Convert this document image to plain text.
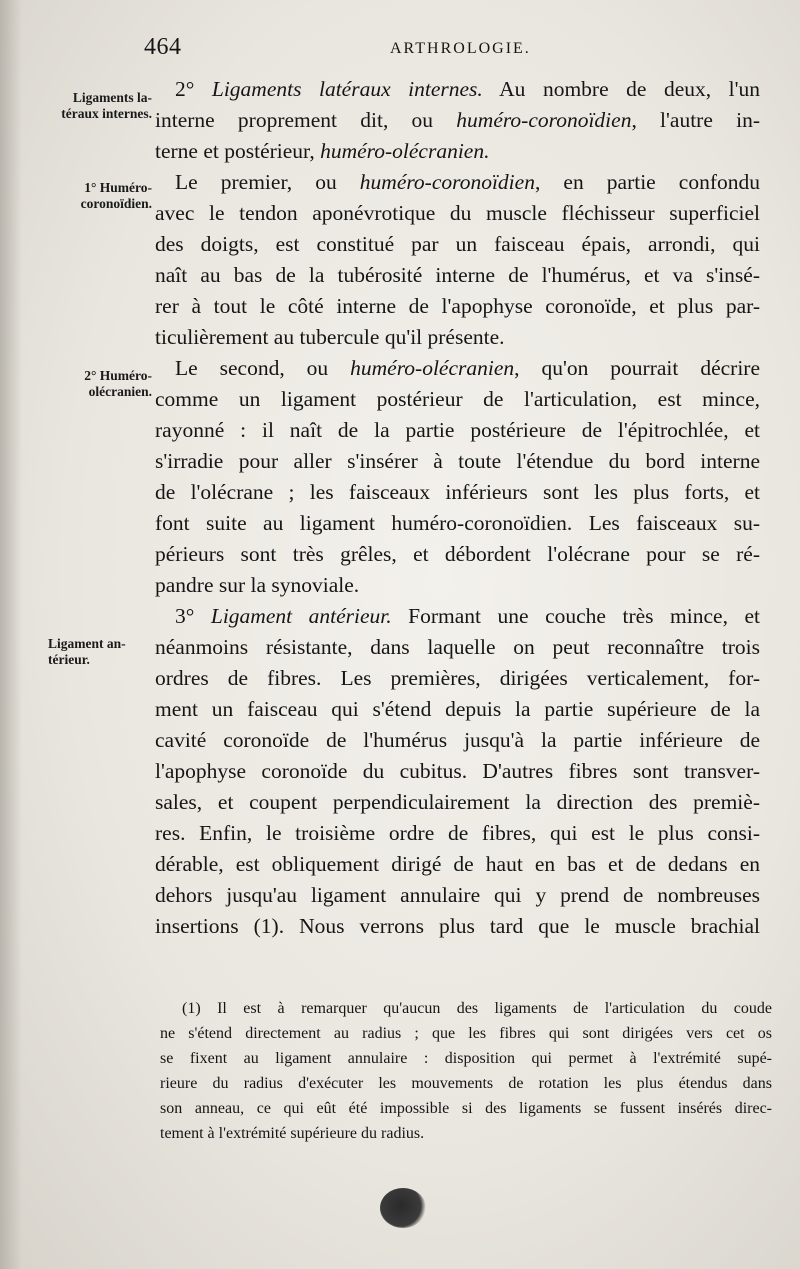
464	ARTHROLOGIE.
Ligaments la-
téraux internes.
1° Huméro-
coronoïdien.
2° Huméro-
olécranien.
Ligament an-
térieur.
2° Ligaments latéraux internes. Au nombre de deux, l'un
interne proprement dit, ou huméro-coronoïdien, l'autre in-
terne et postérieur, huméro-olécranien.
Le premier, ou huméro-coronoïdien, en partie confondu
avec le tendon aponévrotique du muscle fléchisseur superficiel
des doigts, est constitué par un faisceau épais, arrondi, qui
naît au bas de la tubérosité interne de l'humérus, et va s'insé-
rer à tout le côté interne de l'apophyse coronoïde, et plus par-
ticulièrement au tubercule qu'il présente.
Le second, ou huméro-olécranien, qu'on pourrait décrire
comme un ligament postérieur de l'articulation, est mince,
rayonné : il naît de la partie postérieure de l'épitrochlée, et
s'irradie pour aller s'insérer à toute l'étendue du bord interne
de l'olécrane ; les faisceaux inférieurs sont les plus forts, et
font suite au ligament huméro-coronoïdien. Les faisceaux su-
périeurs sont très grêles, et débordent l'olécrane pour se ré-
pandre sur la synoviale.
3° Ligament antérieur. Formant une couche très mince, et
néanmoins résistante, dans laquelle on peut reconnaître trois
ordres de fibres. Les premières, dirigées verticalement, for-
ment un faisceau qui s'étend depuis la partie supérieure de la
cavité coronoïde de l'humérus jusqu'à la partie inférieure de
l'apophyse coronoïde du cubitus. D'autres fibres sont transver-
sales, et coupent perpendiculairement la direction des premiè-
res. Enfin, le troisième ordre de fibres, qui est le plus consi-
dérable, est obliquement dirigé de haut en bas et de dedans en
dehors jusqu'au ligament annulaire qui y prend de nombreuses
insertions (1). Nous verrons plus tard que le muscle brachial
(1) Il est à remarquer qu'aucun des ligaments de l'articulation du coude
ne s'étend directement au radius ; que les fibres qui sont dirigées vers cet os
se fixent au ligament annulaire : disposition qui permet à l'extrémité supé-
rieure du radius d'exécuter les mouvements de rotation les plus étendus dans
son anneau, ce qui eût été impossible si des ligaments se fussent insérés direc-
tement à l'extrémité supérieure du radius.
